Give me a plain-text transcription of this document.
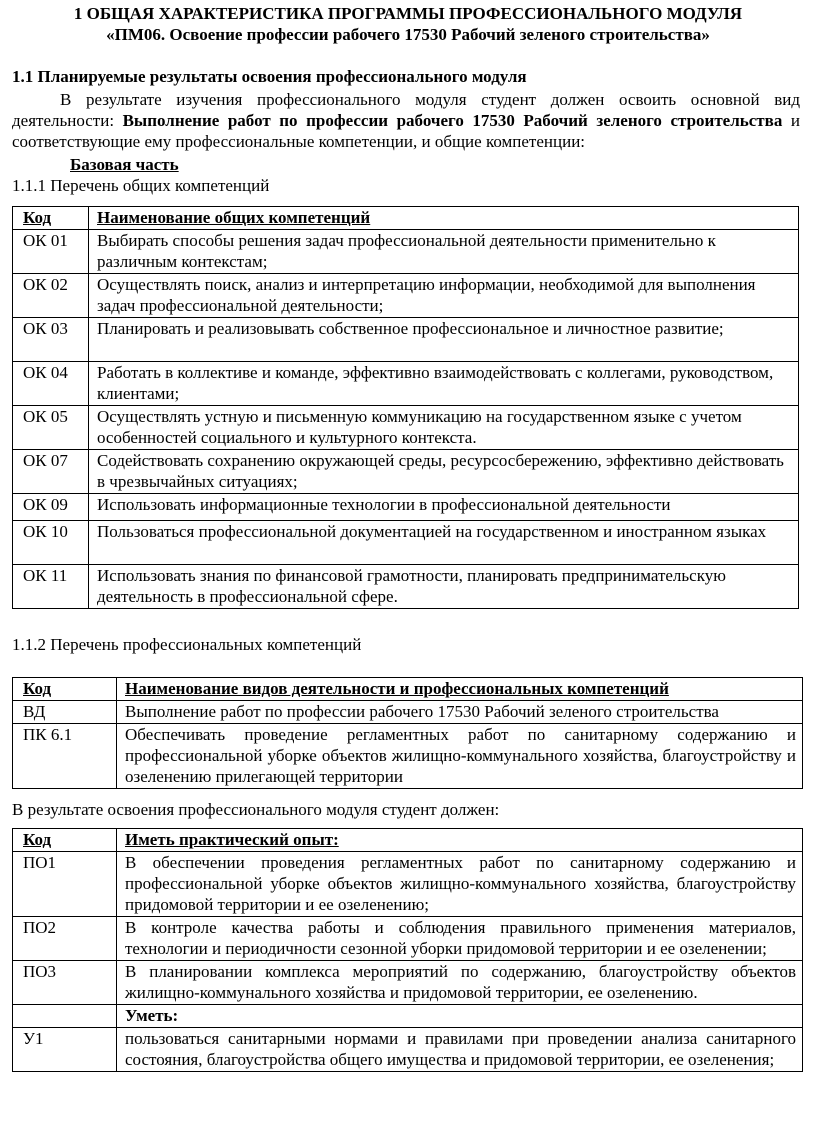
1 ОБЩАЯ ХАРАКТЕРИСТИКА ПРОГРАММЫ ПРОФЕССИОНАЛЬНОГО МОДУЛЯ
«ПМ06. Освоение профессии рабочего 17530 Рабочий зеленого строительства»
1.1 Планируемые результаты освоения профессионального модуля
В результате изучения профессионального модуля студент должен освоить основной вид деятельности: Выполнение работ по профессии рабочего 17530 Рабочий зеленого строительства и соответствующие ему профессиональные компетенции, и общие компетенции:
Базовая часть
1.1.1 Перечень общих компетенций
Код	Наименование общих компетенций
ОК 01	Выбирать способы решения задач профессиональной деятельности применительно к различным контекстам;
ОК 02	Осуществлять поиск, анализ и интерпретацию информации, необходимой для выполнения задач профессиональной деятельности;
ОК 03	Планировать и реализовывать собственное профессиональное и личностное развитие;
ОК 04	Работать в коллективе и команде, эффективно взаимодействовать с коллегами, руководством, клиентами;
ОК 05	Осуществлять устную и письменную коммуникацию на государственном языке с учетом особенностей социального и культурного контекста.
ОК 07	Содействовать сохранению окружающей среды, ресурсосбережению, эффективно действовать в чрезвычайных ситуациях;
ОК 09	Использовать информационные технологии в профессиональной деятельности
ОК 10	Пользоваться профессиональной документацией на государственном и иностранном языках
ОК 11	Использовать знания по финансовой грамотности, планировать предпринимательскую деятельность в профессиональной сфере.
1.1.2 Перечень профессиональных компетенций
Код	Наименование видов деятельности и профессиональных компетенций
ВД	Выполнение работ по профессии рабочего 17530 Рабочий зеленого строительства
ПК 6.1	Обеспечивать проведение регламентных работ по санитарному содержанию и профессиональной уборке объектов жилищно-коммунального хозяйства, благоустройству и озеленению прилегающей территории
В результате освоения профессионального модуля студент должен:
Код	Иметь практический опыт:
ПО1	В обеспечении проведения регламентных работ по санитарному содержанию и профессиональной уборке объектов жилищно-коммунального хозяйства, благоустройству придомовой территории и ее озеленению;
ПО2	В контроле качества работы и соблюдения правильного применения материалов, технологии и периодичности сезонной уборки придомовой территории и ее озеленении;
ПО3	В планировании комплекса мероприятий по содержанию, благоустройству объектов жилищно-коммунального хозяйства и придомовой территории, ее озеленению.
	Уметь:
У1	пользоваться санитарными нормами и правилами при проведении анализа санитарного состояния, благоустройства общего имущества и придомовой территории, ее озеленения;
